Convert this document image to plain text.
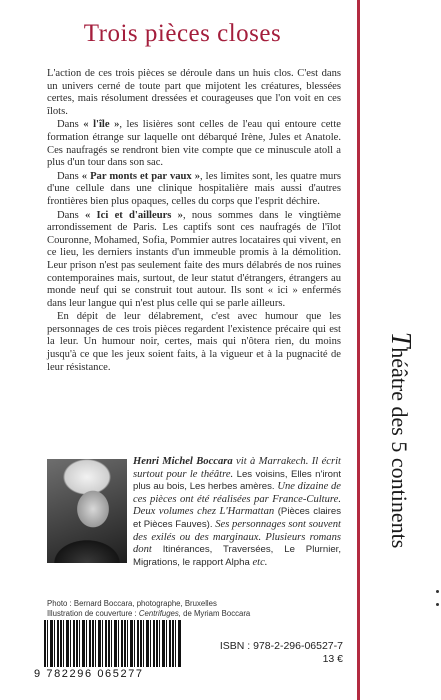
Trois pièces closes

L'action de ces trois pièces se déroule dans un huis clos. C'est dans un univers cerné de toute part que mijotent les créatures, blessées certes, mais résolument dressées et courageuses que l'on voit en ces îlots.

Dans « l'île », les lisières sont celles de l'eau qui entoure cette formation étrange sur laquelle ont débarqué Irène, Jules et Anatole. Ces naufragés se rendront bien vite compte que ce minuscule atoll a plus d'un tour dans son sac.

Dans « Par monts et par vaux », les limites sont, les quatre murs d'une cellule dans une clinique hospitalière mais aussi d'autres frontières bien plus opaques, celles du corps que l'esprit déchire.

Dans « Ici et d'ailleurs », nous sommes dans le vingtième arrondissement de Paris. Les captifs sont ces naufragés de l'îlot Couronne, Mohamed, Sofia, Pommier autres locataires qui vivent, en ce lieu, les derniers instants d'un immeuble promis à la démolition. Leur prison n'est pas seulement faite des murs délabrés de nos ruines contemporaines mais, surtout, de leur statut d'étrangers, étrangers au monde neuf qui se construit tout autour. Ils sont « ici » enfermés dans leur langue qui n'est plus celle qui se parle ailleurs.

En dépit de leur délabrement, c'est avec humour que les personnages de ces trois pièces regardent l'existence précaire qui est la leur. Un humour noir, certes, mais qui n'ôtera rien, du moins jusqu'à ce que les jeux soient faits, à la vigueur et à la pugnacité de leur résistance.

Henri Michel Boccara vit à Marrakech. Il écrit surtout pour le théâtre. Les voisins, Elles n'iront plus au bois, Les herbes amères. Une dizaine de ces pièces ont été réalisées par France-Culture. Deux volumes chez L'Harmattan (Pièces claires et Pièces Fauves). Ses personnages sont souvent des exilés ou des marginaux. Plusieurs romans dont Itinérances, Traversées, Le Plurnier, Migrations, le rapport Alpha etc.
Photo : Bernard Boccara, photographe, Bruxelles
Illustration de couverture : Centrifuges, de Myriam Boccara
9 782296 065277
ISBN : 978-2-296-06527-7
13 €
Théâtre des 5 continents
